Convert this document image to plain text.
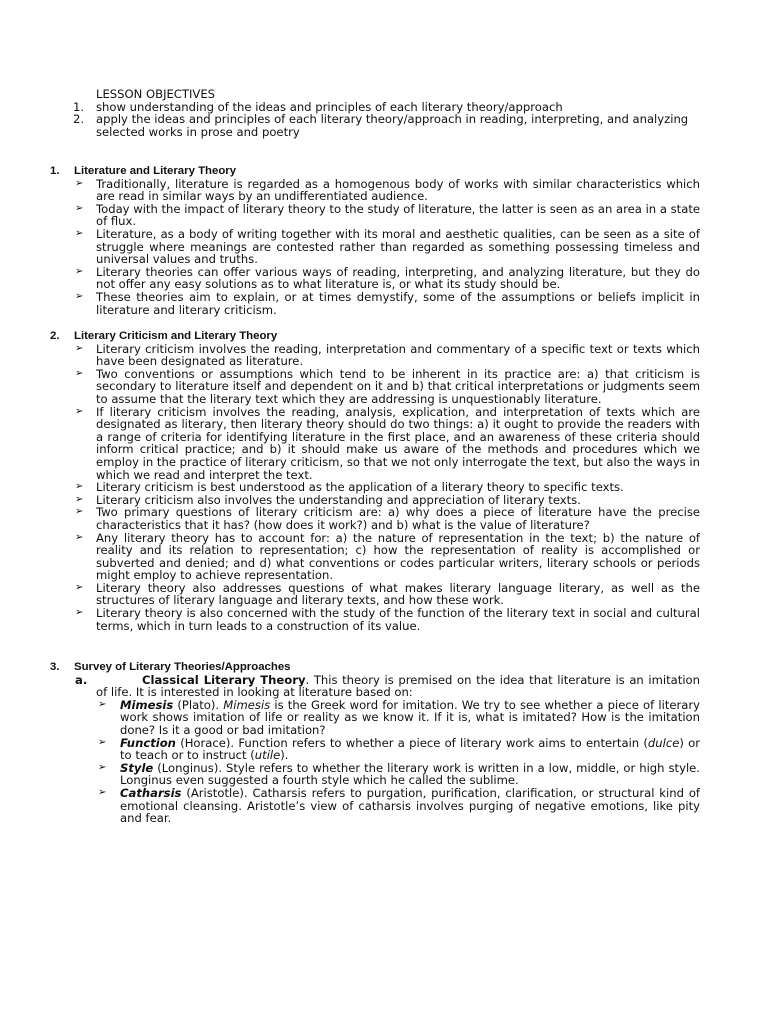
LESSON OBJECTIVES
1. show understanding of the ideas and principles of each literary theory/approach
2. apply the ideas and principles of each literary theory/approach in reading, interpreting, and analyzing selected works in prose and poetry
1. Literature and Literary Theory
➢ Traditionally, literature is regarded as a homogenous body of works with similar characteristics which are read in similar ways by an undifferentiated audience.
➢ Today with the impact of literary theory to the study of literature, the latter is seen as an area in a state of flux.
➢ Literature, as a body of writing together with its moral and aesthetic qualities, can be seen as a site of struggle where meanings are contested rather than regarded as something possessing timeless and universal values and truths.
➢ Literary theories can offer various ways of reading, interpreting, and analyzing literature, but they do not offer any easy solutions as to what literature is, or what its study should be.
➢ These theories aim to explain, or at times demystify, some of the assumptions or beliefs implicit in literature and literary criticism.
2. Literary Criticism and Literary Theory
➢ Literary criticism involves the reading, interpretation and commentary of a specific text or texts which have been designated as literature.
➢ Two conventions or assumptions which tend to be inherent in its practice are: a) that criticism is secondary to literature itself and dependent on it and b) that critical interpretations or judgments seem to assume that the literary text which they are addressing is unquestionably literature.
➢ If literary criticism involves the reading, analysis, explication, and interpretation of texts which are designated as literary, then literary theory should do two things: a) it ought to provide the readers with a range of criteria for identifying literature in the first place, and an awareness of these criteria should inform critical practice; and b) it should make us aware of the methods and procedures which we employ in the practice of literary criticism, so that we not only interrogate the text, but also the ways in which we read and interpret the text.
➢ Literary criticism is best understood as the application of a literary theory to specific texts.
➢ Literary criticism also involves the understanding and appreciation of literary texts.
➢ Two primary questions of literary criticism are: a) why does a piece of literature have the precise characteristics that it has? (how does it work?) and b) what is the value of literature?
➢ Any literary theory has to account for: a) the nature of representation in the text; b) the nature of reality and its relation to representation; c) how the representation of reality is accomplished or subverted and denied; and d) what conventions or codes particular writers, literary schools or periods might employ to achieve representation.
➢ Literary theory also addresses questions of what makes literary language literary, as well as the structures of literary language and literary texts, and how these work.
➢ Literary theory is also concerned with the study of the function of the literary text in social and cultural terms, which in turn leads to a construction of its value.
3. Survey of Literary Theories/Approaches
a.	Classical Literary Theory. This theory is premised on the idea that literature is an imitation of life. It is interested in looking at literature based on:
➢ Mimesis (Plato). Mimesis is the Greek word for imitation. We try to see whether a piece of literary work shows imitation of life or reality as we know it. If it is, what is imitated? How is the imitation done? Is it a good or bad imitation?
➢ Function (Horace). Function refers to whether a piece of literary work aims to entertain (dulce) or to teach or to instruct (utile).
➢ Style (Longinus). Style refers to whether the literary work is written in a low, middle, or high style. Longinus even suggested a fourth style which he called the sublime.
➢ Catharsis (Aristotle). Catharsis refers to purgation, purification, clarification, or structural kind of emotional cleansing. Aristotle’s view of catharsis involves purging of negative emotions, like pity and fear.
